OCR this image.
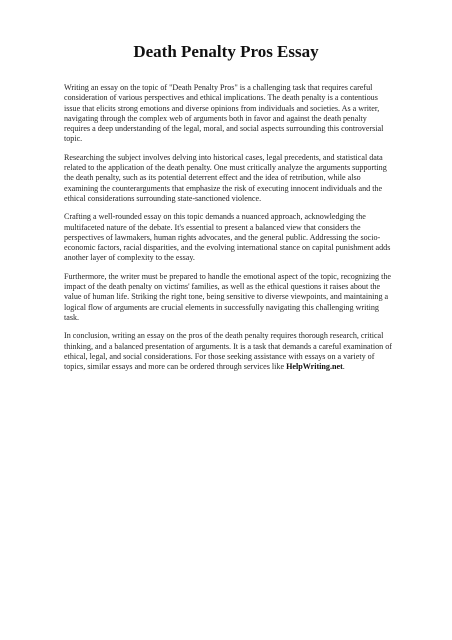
Death Penalty Pros Essay

Writing an essay on the topic of "Death Penalty Pros" is a challenging task that requires careful consideration of various perspectives and ethical implications. The death penalty is a contentious issue that elicits strong emotions and diverse opinions from individuals and societies. As a writer, navigating through the complex web of arguments both in favor and against the death penalty requires a deep understanding of the legal, moral, and social aspects surrounding this controversial topic.

Researching the subject involves delving into historical cases, legal precedents, and statistical data related to the application of the death penalty. One must critically analyze the arguments supporting the death penalty, such as its potential deterrent effect and the idea of retribution, while also examining the counterarguments that emphasize the risk of executing innocent individuals and the ethical considerations surrounding state-sanctioned violence.

Crafting a well-rounded essay on this topic demands a nuanced approach, acknowledging the multifaceted nature of the debate. It's essential to present a balanced view that considers the perspectives of lawmakers, human rights advocates, and the general public. Addressing the socio-economic factors, racial disparities, and the evolving international stance on capital punishment adds another layer of complexity to the essay.

Furthermore, the writer must be prepared to handle the emotional aspect of the topic, recognizing the impact of the death penalty on victims' families, as well as the ethical questions it raises about the value of human life. Striking the right tone, being sensitive to diverse viewpoints, and maintaining a logical flow of arguments are crucial elements in successfully navigating this challenging writing task.

In conclusion, writing an essay on the pros of the death penalty requires thorough research, critical thinking, and a balanced presentation of arguments. It is a task that demands a careful examination of ethical, legal, and social considerations. For those seeking assistance with essays on a variety of topics, similar essays and more can be ordered through services like HelpWriting.net.
